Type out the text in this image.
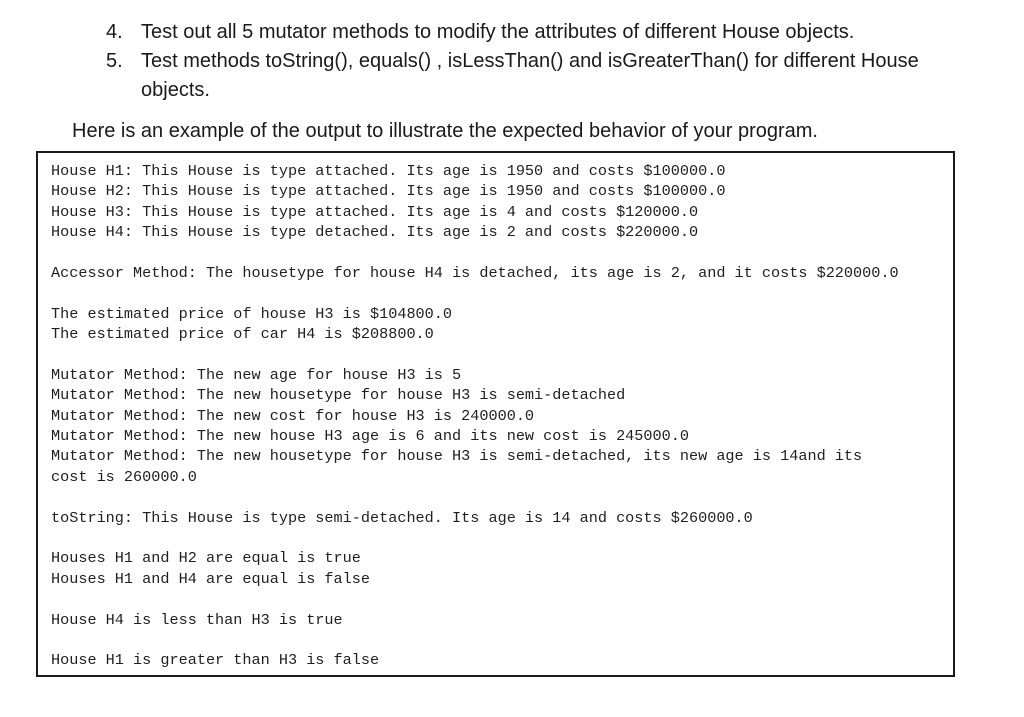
4. Test out all 5 mutator methods to modify the attributes of different House objects.
5. Test methods toString(), equals() , isLessThan() and isGreaterThan() for different House objects.

Here is an example of the output to illustrate the expected behavior of your program.

House H1: This House is type attached. Its age is 1950 and costs $100000.0
House H2: This House is type attached. Its age is 1950 and costs $100000.0
House H3: This House is type attached. Its age is 4 and costs $120000.0
House H4: This House is type detached. Its age is 2 and costs $220000.0
Accessor Method: The housetype for house H4 is detached, its age is 2, and it costs $220000.0
The estimated price of house H3 is $104800.0
The estimated price of car H4 is $208800.0
Mutator Method: The new age for house H3 is 5
Mutator Method: The new housetype for house H3 is semi-detached
Mutator Method: The new cost for house H3 is 240000.0
Mutator Method: The new house H3 age is 6 and its new cost is 245000.0
Mutator Method: The new housetype for house H3 is semi-detached, its new age is 14and its
cost is 260000.0
toString: This House is type semi-detached. Its age is 14 and costs $260000.0
Houses H1 and H2 are equal is true
Houses H1 and H4 are equal is false
House H4 is less than H3 is true
House H1 is greater than H3 is false
